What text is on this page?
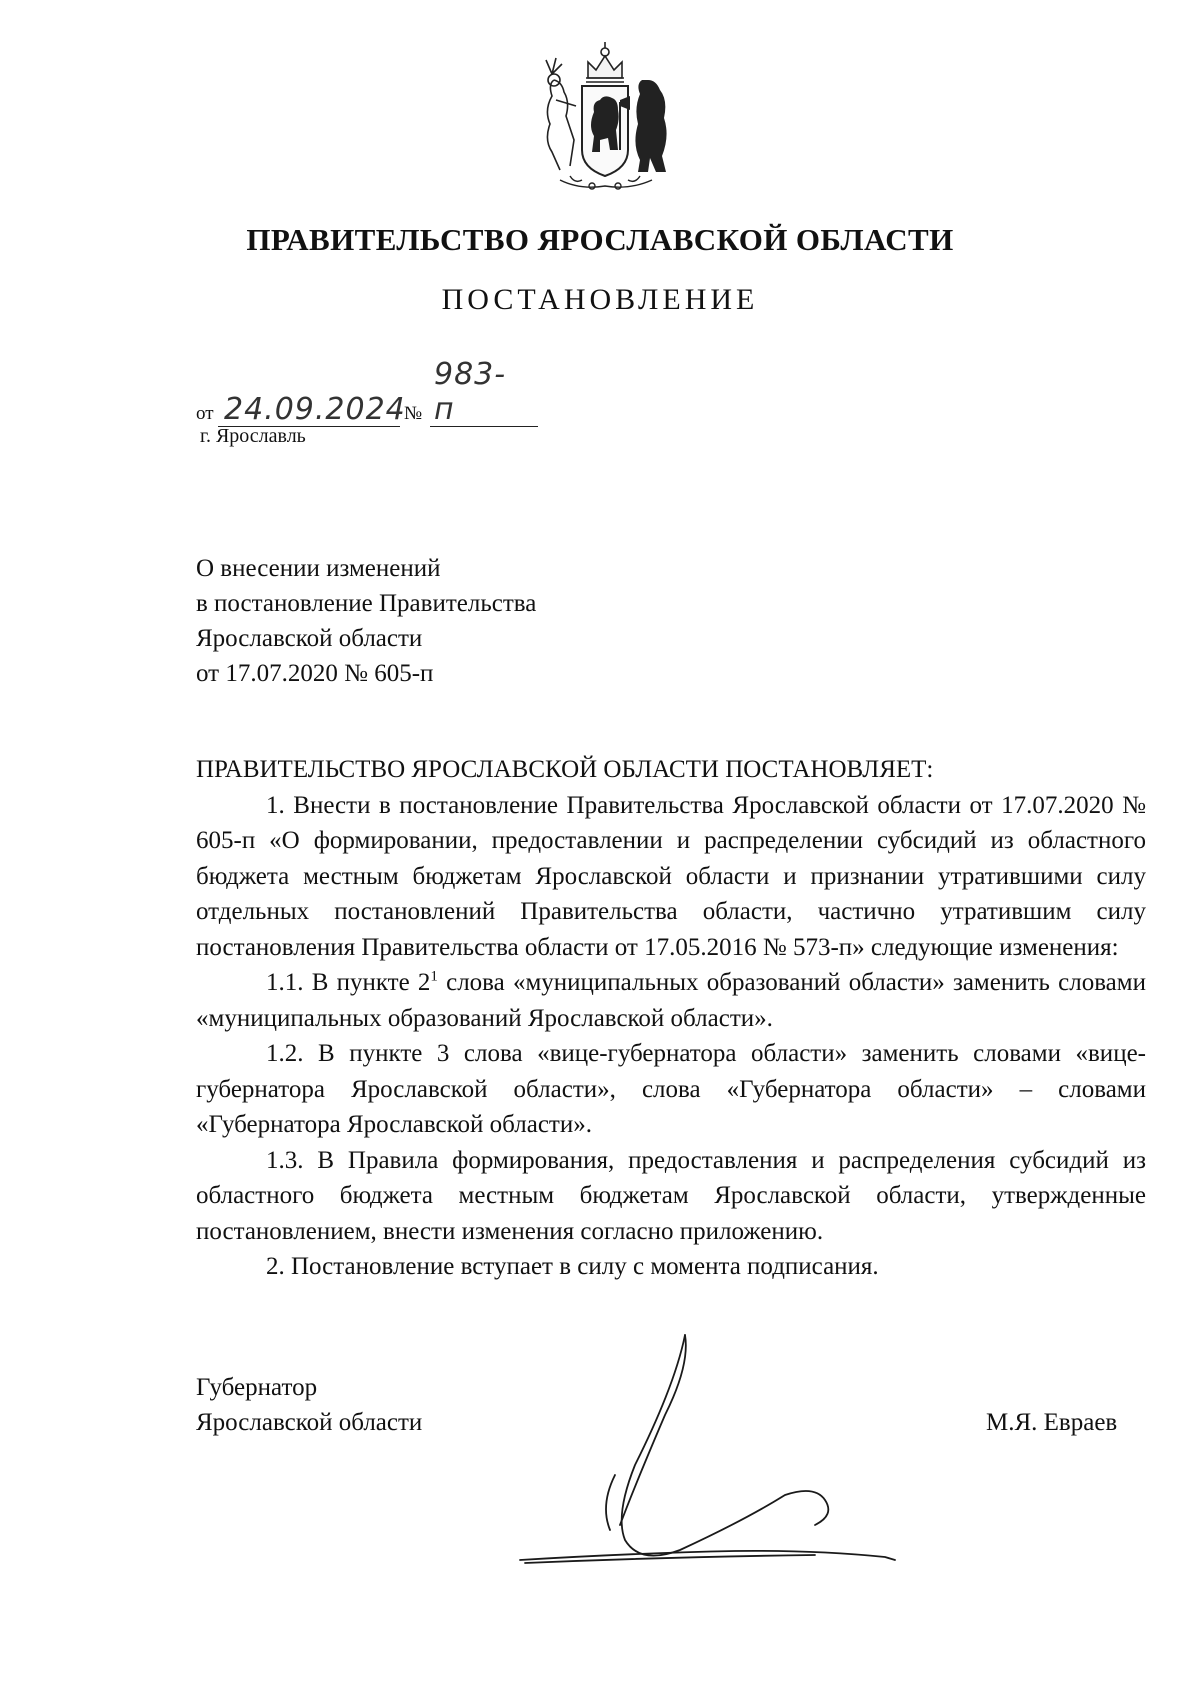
ПРАВИТЕЛЬСТВО ЯРОСЛАВСКОЙ ОБЛАСТИ
ПОСТАНОВЛЕНИЕ
от 24.09.2024
№
983-п
г. Ярославль
О внесении изменений
в постановление Правительства
Ярославской области
от 17.07.2020 № 605-п

ПРАВИТЕЛЬСТВО ЯРОСЛАВСКОЙ ОБЛАСТИ ПОСТАНОВЛЯЕТ:

1. Внести в постановление Правительства Ярославской области от 17.07.2020 № 605-п «О формировании, предоставлении и распределении субсидий из областного бюджета местным бюджетам Ярославской области и признании утратившими силу отдельных постановлений Правительства области, частично утратившим силу постановления Правительства области от 17.05.2016 № 573-п» следующие изменения:

1.1. В пункте $2^1$ слова «муниципальных образований области» заменить словами «муниципальных образований Ярославской области».

1.2. В пункте 3 слова «вице-губернатора области» заменить словами «вице-губернатора Ярославской области», слова «Губернатора области» – словами «Губернатора Ярославской области».

1.3. В Правила формирования, предоставления и распределения субсидий из областного бюджета местным бюджетам Ярославской области, утвержденные постановлением, внести изменения согласно приложению.

2. Постановление вступает в силу с момента подписания.

Губернатор
Ярославской области	М.Я. Евраев
